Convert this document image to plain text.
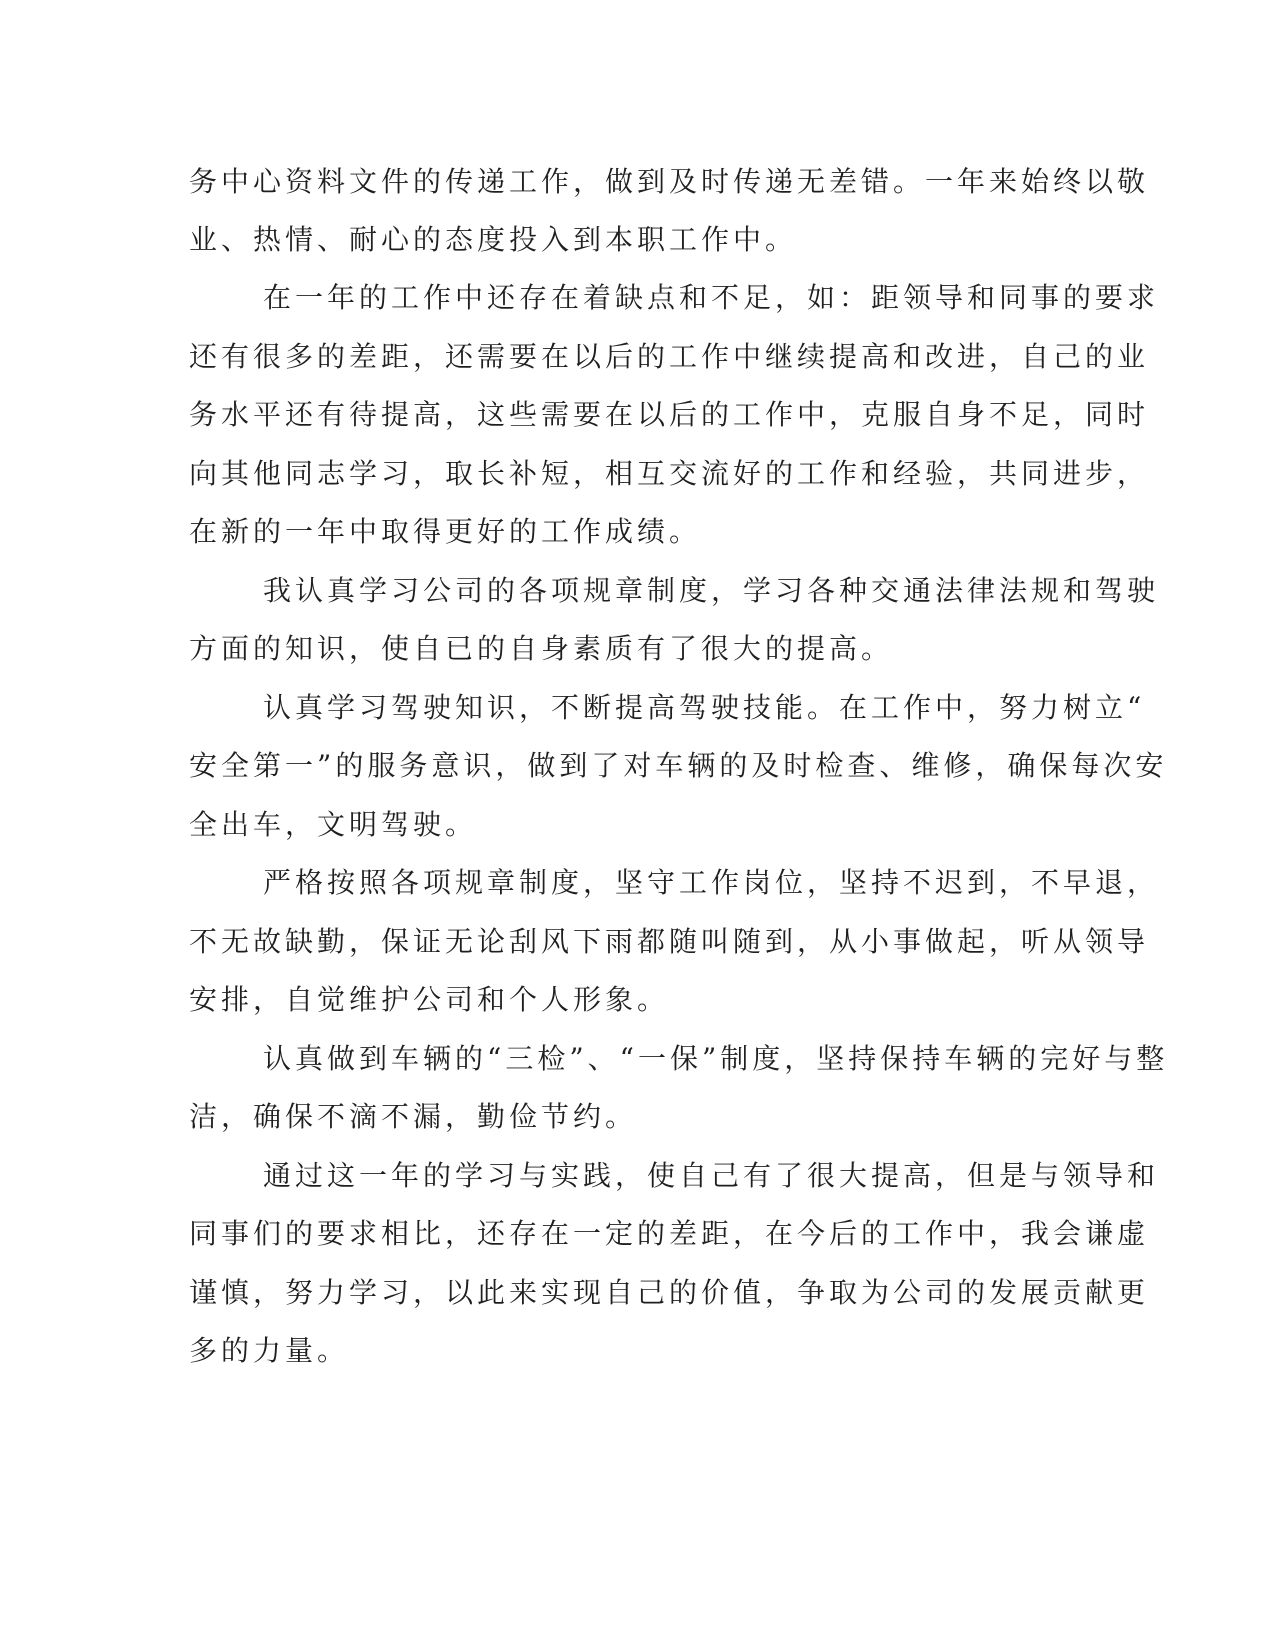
务中心资料文件的传递工作，做到及时传递无差错。一年来始终以敬
业、热情、耐心的态度投入到本职工作中。
在一年的工作中还存在着缺点和不足，如：距领导和同事的要求
还有很多的差距，还需要在以后的工作中继续提高和改进，自己的业
务水平还有待提高，这些需要在以后的工作中，克服自身不足，同时
向其他同志学习，取长补短，相互交流好的工作和经验，共同进步，
在新的一年中取得更好的工作成绩。
我认真学习公司的各项规章制度，学习各种交通法律法规和驾驶
方面的知识，使自已的自身素质有了很大的提高。
认真学习驾驶知识，不断提高驾驶技能。在工作中，努力树立“
安全第一”的服务意识，做到了对车辆的及时检查、维修，确保每次安
全出车，文明驾驶。
严格按照各项规章制度，坚守工作岗位，坚持不迟到，不早退，
不无故缺勤，保证无论刮风下雨都随叫随到，从小事做起，听从领导
安排，自觉维护公司和个人形象。
认真做到车辆的“三检”、“一保”制度，坚持保持车辆的完好与整
洁，确保不滴不漏，勤俭节约。
通过这一年的学习与实践，使自己有了很大提高，但是与领导和
同事们的要求相比，还存在一定的差距，在今后的工作中，我会谦虚
谨慎，努力学习，以此来实现自己的价值，争取为公司的发展贡献更
多的力量。
